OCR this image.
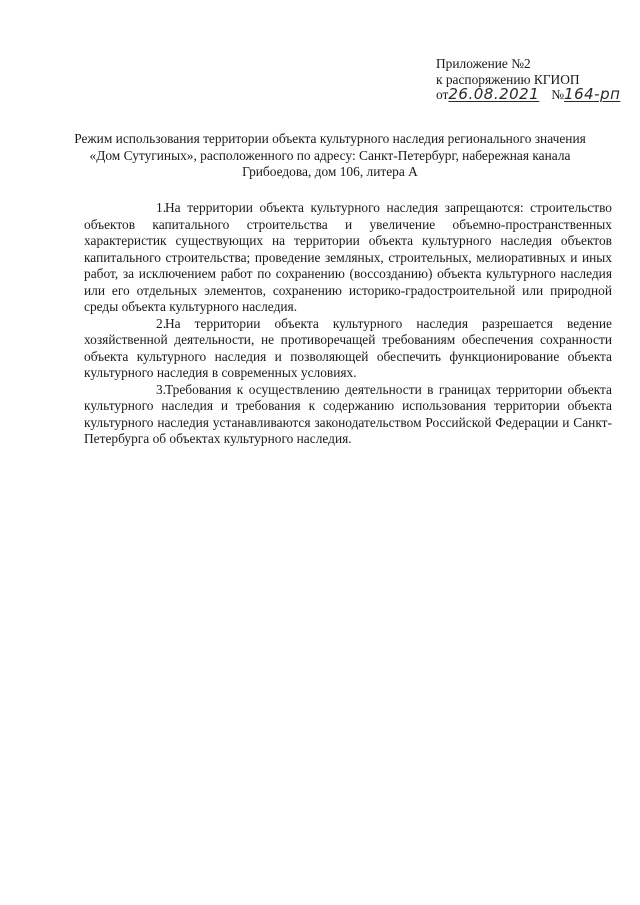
Приложение №2
к распоряжению КГИОП
от26.08.2021 №164-рп
Режим использования территории объекта культурного наследия регионального значения «Дом Сутугиных», расположенного по адресу: Санкт-Петербург, набережная канала Грибоедова, дом 106, литера А

1.На территории объекта культурного наследия запрещаются: строительство объектов капитального строительства и увеличение объемно-пространственных характеристик существующих на территории объекта культурного наследия объектов капитального строительства; проведение земляных, строительных, мелиоративных и иных работ, за исключением работ по сохранению (воссозданию) объекта культурного наследия или его отдельных элементов, сохранению историко-градостроительной или природной среды объекта культурного наследия.

2.На территории объекта культурного наследия разрешается ведение хозяйственной деятельности, не противоречащей требованиям обеспечения сохранности объекта культурного наследия и позволяющей обеспечить функционирование объекта культурного наследия в современных условиях.

3.Требования к осуществлению деятельности в границах территории объекта культурного наследия и требования к содержанию использования территории объекта культурного наследия устанавливаются законодательством Российской Федерации и Санкт-Петербурга об объектах культурного наследия.
